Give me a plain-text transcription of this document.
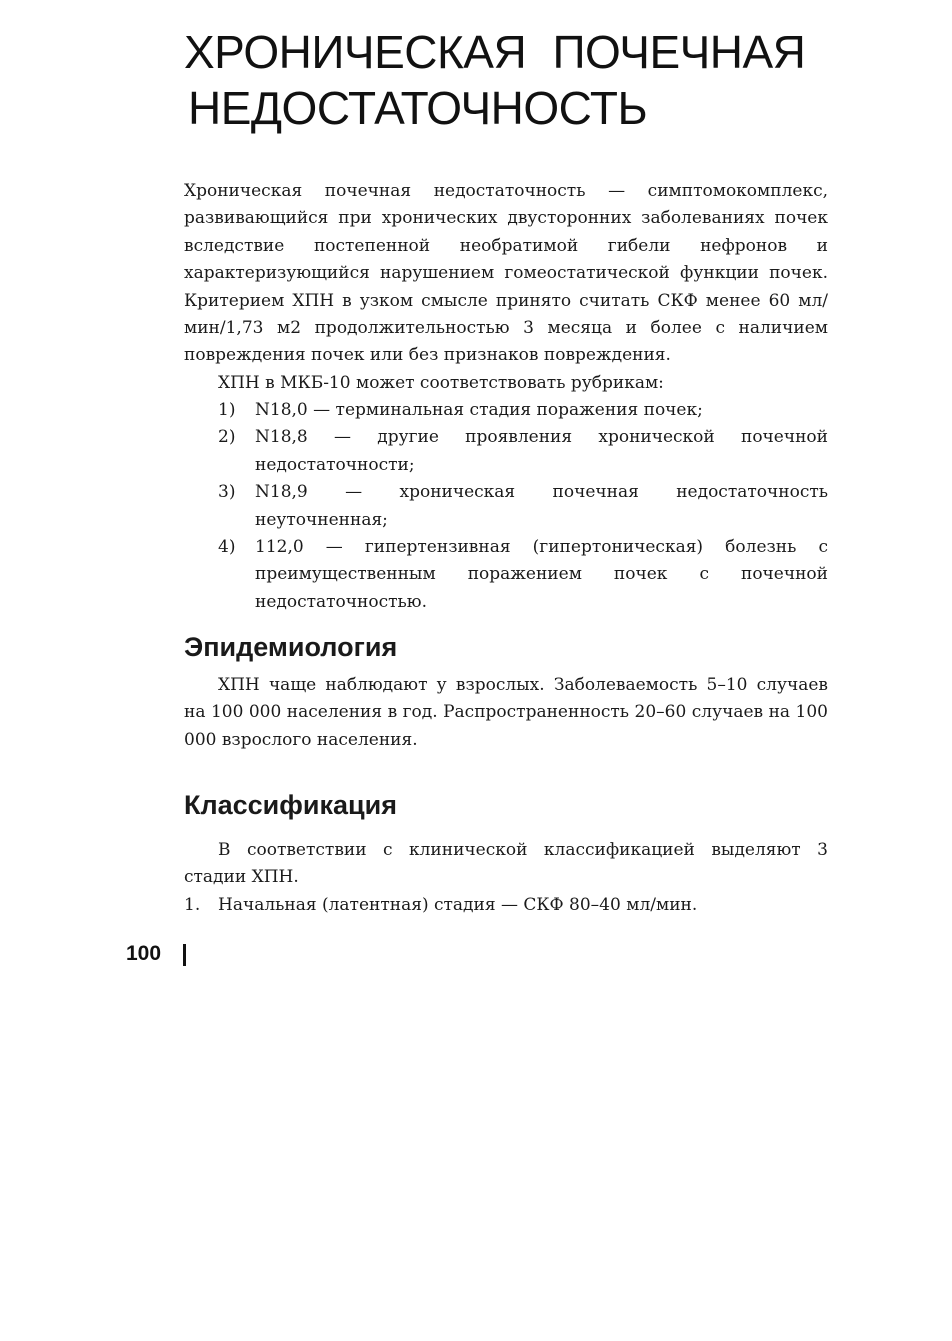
ХРОНИЧЕСКАЯ ПОЧЕЧНАЯ
НЕДОСТАТОЧНОСТЬ

Хроническая почечная недостаточность — симптомокомплекс, развивающийся при хронических двусторонних заболеваниях почек вследствие постепенной необратимой гибели нефронов и характеризующийся нарушением гомеостатической функции почек. Критерием ХПН в узком смысле принято считать СКФ менее 60 мл/мин/1,73 м2 продолжительностью 3 месяца и более с наличием повреждения почек или без признаков повреждения.

ХПН в МКБ-10 может соответствовать рубрикам:

1) N18,0 — терминальная стадия поражения почек;
2) N18,8 — другие проявления хронической почечной недостаточности;
3) N18,9 — хроническая почечная недостаточность неуточненная;
4) 112,0 — гипертензивная (гипертоническая) болезнь с преимущественным поражением почек с почечной недостаточностью.
Эпидемиология

ХПН чаще наблюдают у взрослых. Заболеваемость 5–10 случаев на 100 000 населения в год. Распространенность 20–60 случаев на 100 000 взрослого населения.

Классификация

В соответствии с клинической классификацией выделяют 3 стадии ХПН.

1. Начальная (латентная) стадия — СКФ 80–40 мл/мин.
100
